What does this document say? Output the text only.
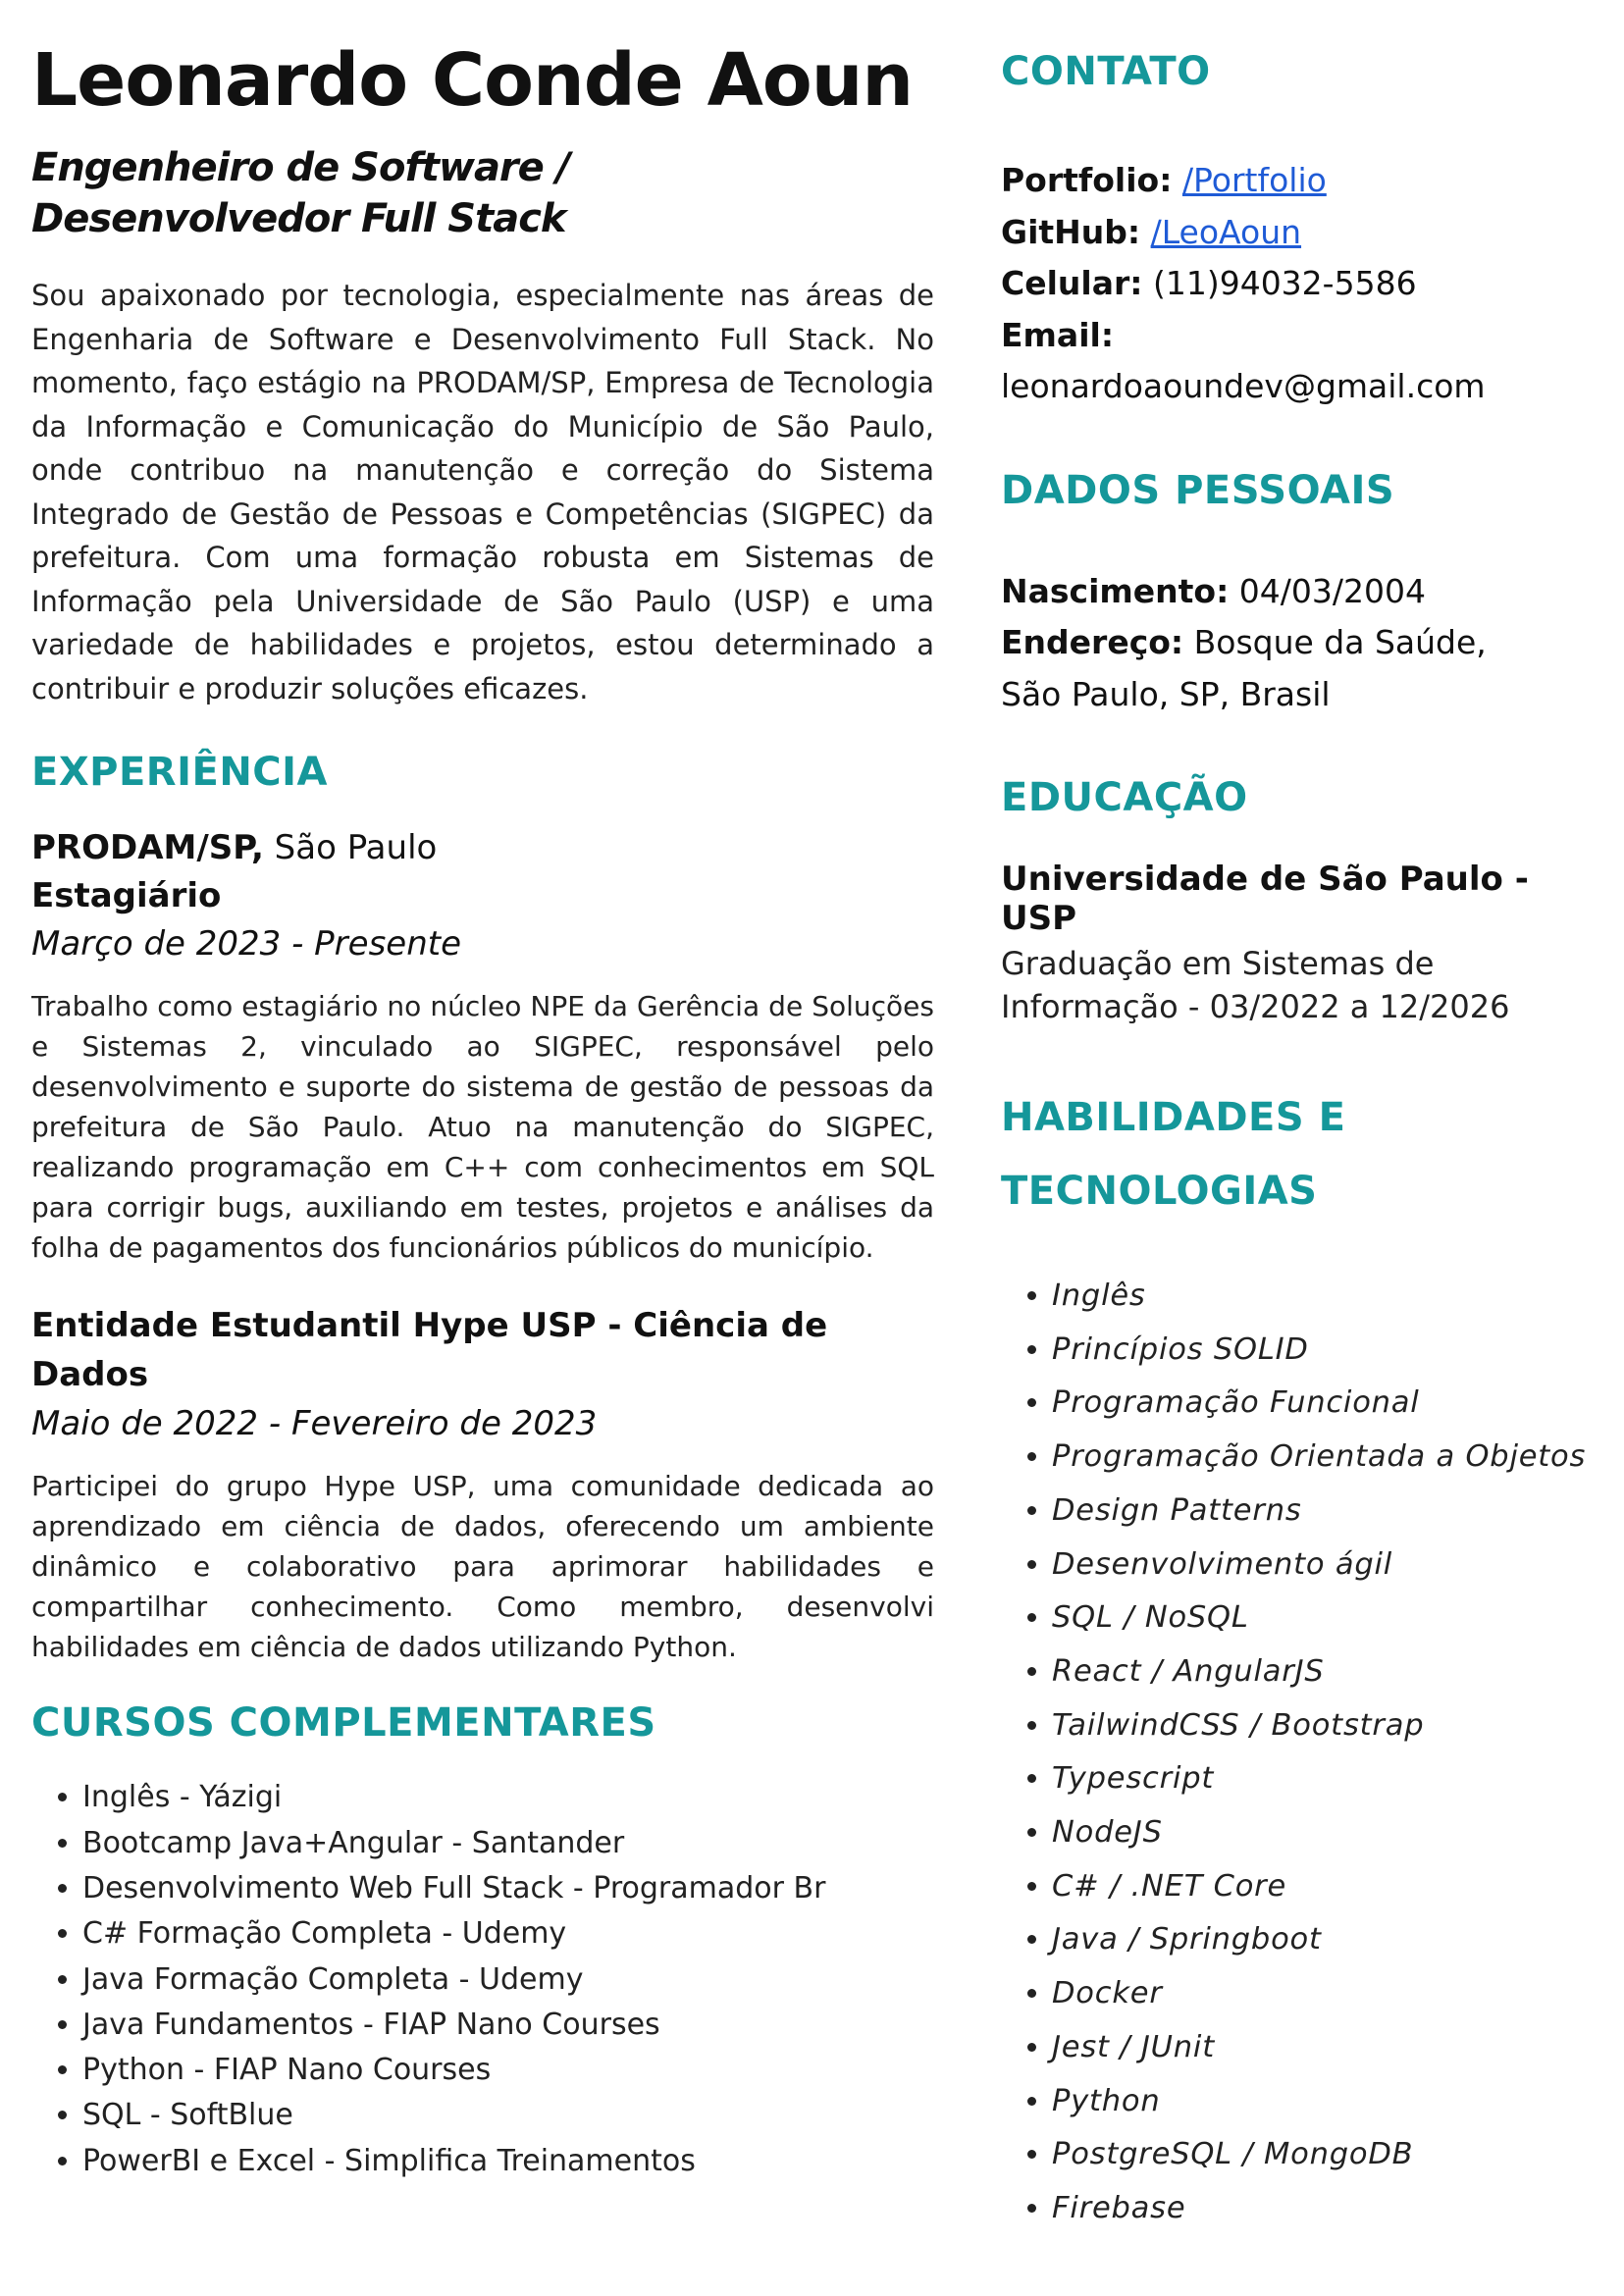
Leonardo Conde Aoun
Engenheiro de Software /
Desenvolvedor Full Stack
Sou apaixonado por tecnologia, especialmente nas áreas de Engenharia de Software e Desenvolvimento Full Stack. No momento, faço estágio na PRODAM/SP, Empresa de Tecnologia da Informação e Comunicação do Município de São Paulo, onde contribuo na manutenção e correção do Sistema Integrado de Gestão de Pessoas e Competências (SIGPEC) da prefeitura. Com uma formação robusta em Sistemas de Informação pela Universidade de São Paulo (USP) e uma variedade de habilidades e projetos, estou determinado a contribuir e produzir soluções eficazes.
EXPERIÊNCIA
PRODAM/SP, São Paulo
Estagiário
Março de 2023 - Presente
Trabalho como estagiário no núcleo NPE da Gerência de Soluções e Sistemas 2, vinculado ao SIGPEC, responsável pelo desenvolvimento e suporte do sistema de gestão de pessoas da prefeitura de São Paulo. Atuo na manutenção do SIGPEC, realizando programação em C++ com conhecimentos em SQL para corrigir bugs, auxiliando em testes, projetos e análises da folha de pagamentos dos funcionários públicos do município.
Entidade Estudantil Hype USP - Ciência de Dados
Maio de 2022 - Fevereiro de 2023
Participei do grupo Hype USP, uma comunidade dedicada ao aprendizado em ciência de dados, oferecendo um ambiente dinâmico e colaborativo para aprimorar habilidades e compartilhar conhecimento. Como membro, desenvolvi habilidades em ciência de dados utilizando Python.
CURSOS COMPLEMENTARES
• Inglês - Yázigi
• Bootcamp Java+Angular - Santander
• Desenvolvimento Web Full Stack - Programador Br
• C# Formação Completa - Udemy
• Java Formação Completa - Udemy
• Java Fundamentos - FIAP Nano Courses
• Python - FIAP Nano Courses
• SQL - SoftBlue
• PowerBI e Excel - Simplifica Treinamentos
CONTATO
Portfolio: /Portfolio
GitHub: /LeoAoun
Celular: (11)94032-5586
Email: leonardoaoundev@gmail.com
DADOS PESSOAIS
Nascimento: 04/03/2004
Endereço: Bosque da Saúde,
São Paulo, SP, Brasil
EDUCAÇÃO
Universidade de São Paulo - USP
Graduação em Sistemas de
Informação - 03/2022 a 12/2026
HABILIDADES E
TECNOLOGIAS
• Inglês
• Princípios SOLID
• Programação Funcional
• Programação Orientada a Objetos
• Design Patterns
• Desenvolvimento ágil
• SQL / NoSQL
• React / AngularJS
• TailwindCSS / Bootstrap
• Typescript
• NodeJS
• C# / .NET Core
• Java / Springboot
• Docker
• Jest / JUnit
• Python
• PostgreSQL / MongoDB
• Firebase
